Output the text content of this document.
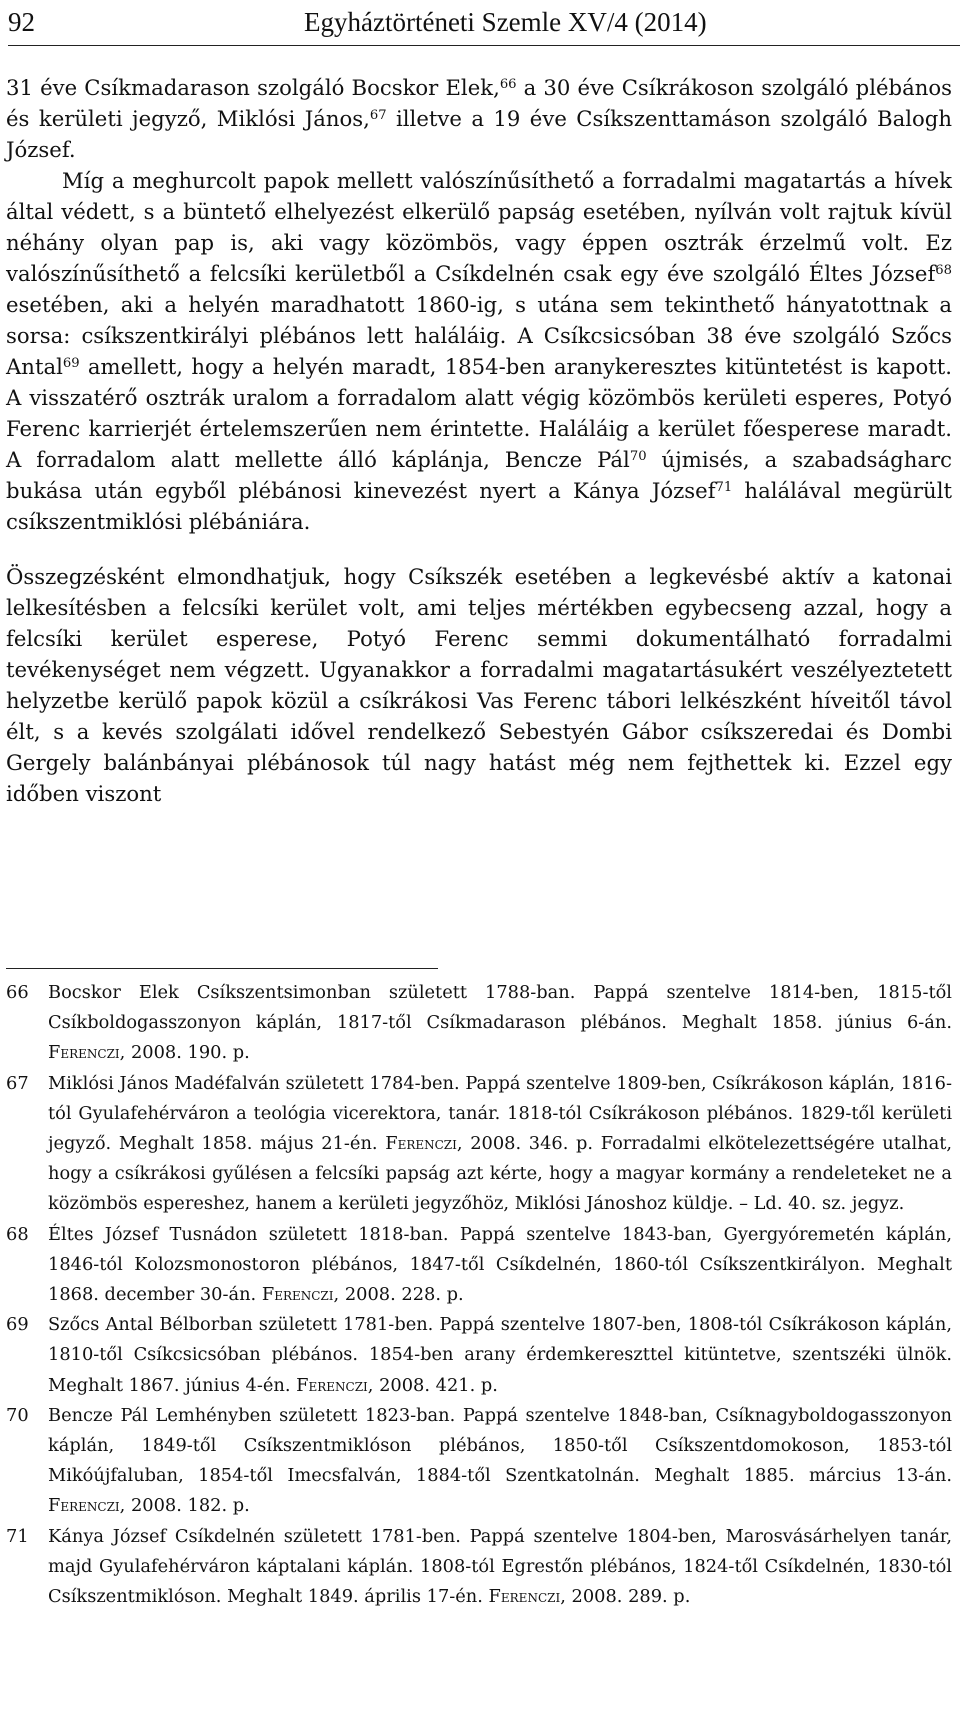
92	Egyháztörténeti Szemle XV/4 (2014)

31 éve Csíkmadarason szolgáló Bocskor Elek,$^{66}$ a 30 éve Csíkrákoson szolgáló plébános és kerületi jegyző, Miklósi János,$^{67}$ illetve a 19 éve Csíkszenttamáson szolgáló Balogh József.

Míg a meghurcolt papok mellett valószínűsíthető a forradalmi magatartás a hívek által védett, s a büntető elhelyezést elkerülő papság esetében, nyílván volt rajtuk kívül néhány olyan pap is, aki vagy közömbös, vagy éppen osztrák érzelmű volt. Ez valószínűsíthető a felcsíki kerületből a Csíkdelnén csak egy éve szolgáló Éltes József$^{68}$ esetében, aki a helyén maradhatott 1860-ig, s utána sem tekinthető hányatottnak a sorsa: csíkszentkirályi plébános lett haláláig. A Csíkcsicsóban 38 éve szolgáló Szőcs Antal$^{69}$ amellett, hogy a helyén maradt, 1854-ben aranykeresztes kitüntetést is kapott. A visszatérő osztrák uralom a forradalom alatt végig közömbös kerületi esperes, Potyó Ferenc karrierjét értelemszerűen nem érintette. Haláláig a kerület főesperese maradt. A forradalom alatt mellette álló káplánja, Bencze Pál$^{70}$ újmisés, a szabadságharc bukása után egyből plébánosi kinevezést nyert a Kánya József$^{71}$ halálával megürült csíkszentmiklósi plébániára.

Összegzésként elmondhatjuk, hogy Csíkszék esetében a legkevésbé aktív a katonai lelkesítésben a felcsíki kerület volt, ami teljes mértékben egybecseng azzal, hogy a felcsíki kerület esperese, Potyó Ferenc semmi dokumentálható forradalmi tevékenységet nem végzett. Ugyanakkor a forradalmi magatartásukért veszélyeztetett helyzetbe kerülő papok közül a csíkrákosi Vas Ferenc tábori lelkészként híveitől távol élt, s a kevés szolgálati idővel rendelkező Sebestyén Gábor csíkszeredai és Dombi Gergely balánbányai plébánosok túl nagy hatást még nem fejthettek ki. Ezzel egy időben viszont

66 Bocskor Elek Csíkszentsimonban született 1788-ban. Pappá szentelve 1814-ben, 1815-től Csíkboldogasszonyon káplán, 1817-től Csíkmadarason plébános. Meghalt 1858. június 6-án. Ferenczi, 2008. 190. p.
67 Miklósi János Madéfalván született 1784-ben. Pappá szentelve 1809-ben, Csíkrákoson káplán, 1816-tól Gyulafehérváron a teológia vicerektora, tanár. 1818-tól Csíkrákoson plébános. 1829-től kerületi jegyző. Meghalt 1858. május 21-én. Ferenczi, 2008. 346. p. Forradalmi elkötelezettségére utalhat, hogy a csíkrákosi gyűlésen a felcsíki papság azt kérte, hogy a magyar kormány a rendeleteket ne a közömbös espereshez, hanem a kerületi jegyzőhöz, Miklósi Jánoshoz küldje. – Ld. 40. sz. jegyz.
68 Éltes József Tusnádon született 1818-ban. Pappá szentelve 1843-ban, Gyergyóremetén káplán, 1846-tól Kolozsmonostoron plébános, 1847-től Csíkdelnén, 1860-tól Csíkszentkirályon. Meghalt 1868. december 30-án. Ferenczi, 2008. 228. p.
69 Szőcs Antal Bélborban született 1781-ben. Pappá szentelve 1807-ben, 1808-tól Csíkrákoson káplán, 1810-től Csíkcsicsóban plébános. 1854-ben arany érdemkereszttel kitüntetve, szentszéki ülnök. Meghalt 1867. június 4-én. Ferenczi, 2008. 421. p.
70 Bencze Pál Lemhényben született 1823-ban. Pappá szentelve 1848-ban, Csíknagyboldogasszonyon káplán, 1849-től Csíkszentmiklóson plébános, 1850-től Csíkszentdomokoson, 1853-tól Mikóújfaluban, 1854-től Imecsfalván, 1884-től Szentkatolnán. Meghalt 1885. március 13-án. Ferenczi, 2008. 182. p.
71 Kánya József Csíkdelnén született 1781-ben. Pappá szentelve 1804-ben, Marosvásárhelyen tanár, majd Gyulafehérváron káptalani káplán. 1808-tól Egrestőn plébános, 1824-től Csíkdelnén, 1830-tól Csíkszentmiklóson. Meghalt 1849. április 17-én. Ferenczi, 2008. 289. p.
